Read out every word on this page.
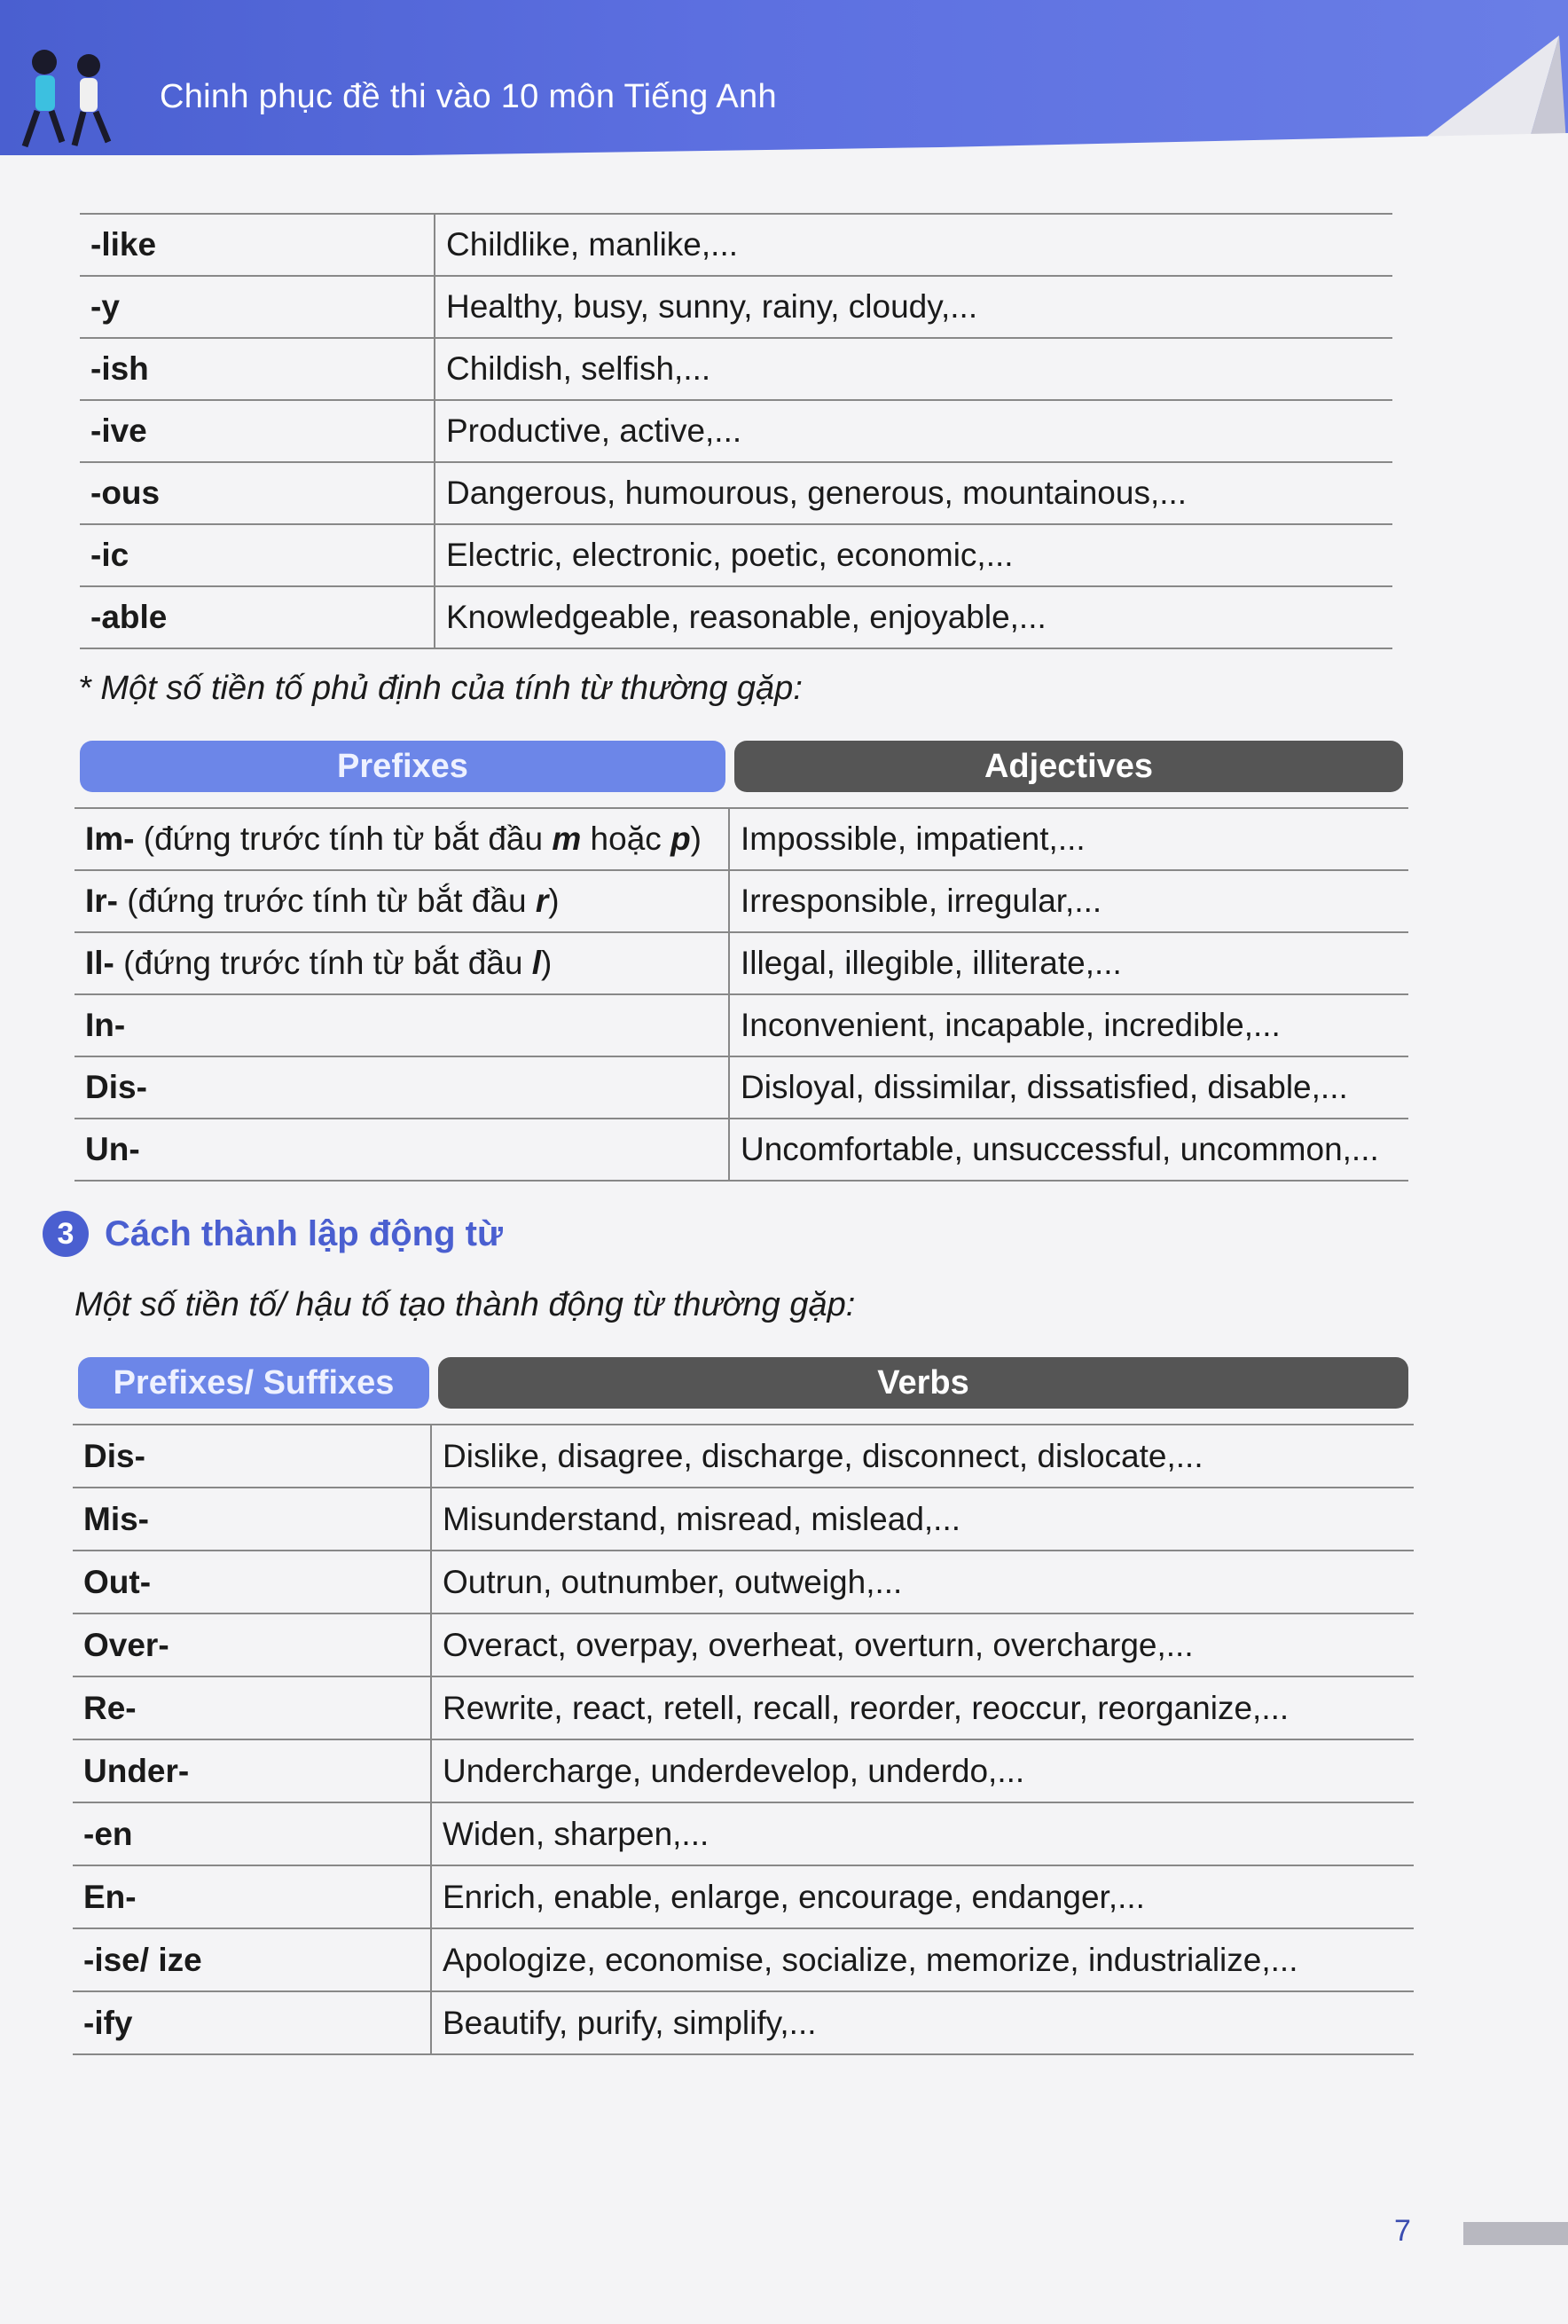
Chinh phục đề thi vào 10 môn Tiếng Anh
-like	Childlike, manlike,...
-y	Healthy, busy, sunny, rainy, cloudy,...
-ish	Childish, selfish,...
-ive	Productive, active,...
-ous	Dangerous, humourous, generous, mountainous,...
-ic	Electric, electronic, poetic, economic,...
-able	Knowledgeable, reasonable, enjoyable,...
* Một số tiền tố phủ định của tính từ thường gặp:
Prefixes	Adjectives
Im- (đứng trước tính từ bắt đầu m hoặc p)	Impossible, impatient,...
Ir- (đứng trước tính từ bắt đầu r)	Irresponsible, irregular,...
Il- (đứng trước tính từ bắt đầu l)	Illegal, illegible, illiterate,...
In-	Inconvenient, incapable, incredible,...
Dis-	Disloyal, dissimilar, dissatisfied, disable,...
Un-	Uncomfortable, unsuccessful, uncommon,...
3 Cách thành lập động từ
Một số tiền tố/ hậu tố tạo thành động từ thường gặp:
Prefixes/ Suffixes	Verbs
Dis-	Dislike, disagree, discharge, disconnect, dislocate,...
Mis-	Misunderstand, misread, mislead,...
Out-	Outrun, outnumber, outweigh,...
Over-	Overact, overpay, overheat, overturn, overcharge,...
Re-	Rewrite, react, retell, recall, reorder, reoccur, reorganize,...
Under-	Undercharge, underdevelop, underdo,...
-en	Widen, sharpen,...
En-	Enrich, enable, enlarge, encourage, endanger,...
-ise/ ize	Apologize, economise, socialize, memorize, industrialize,...
-ify	Beautify, purify, simplify,...
7
